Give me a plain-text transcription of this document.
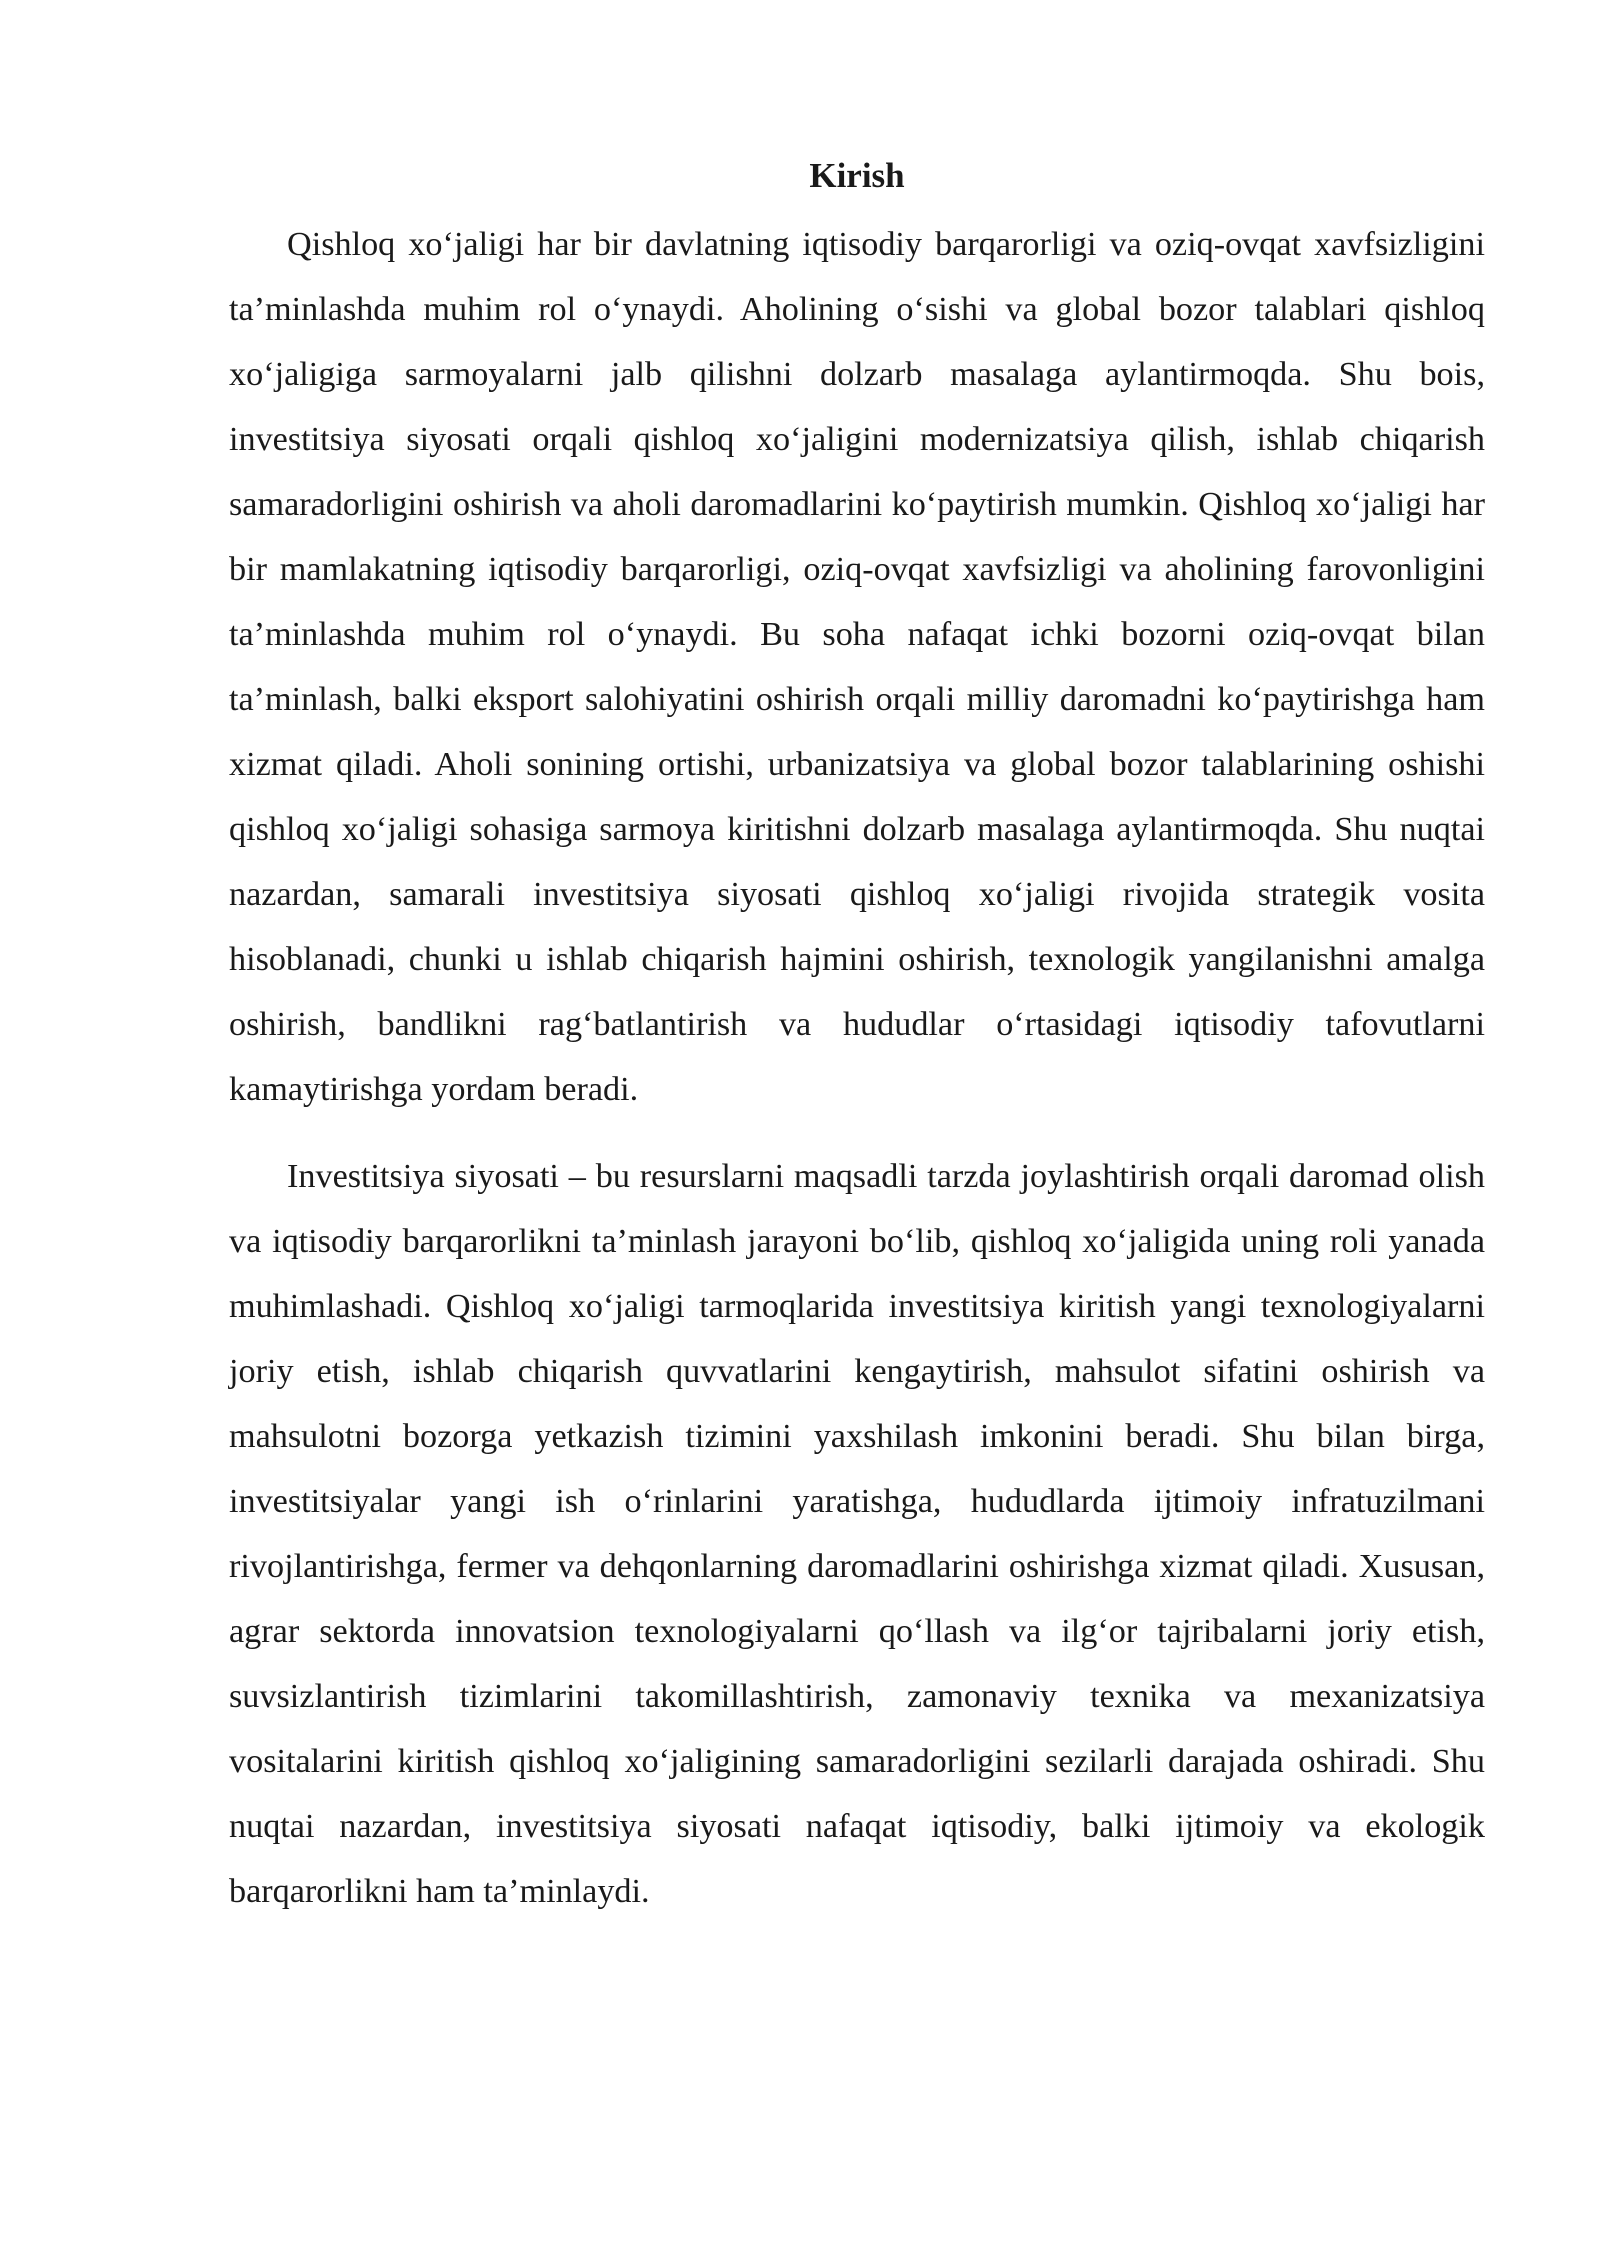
Kirish

Qishloq xo‘jaligi har bir davlatning iqtisodiy barqarorligi va oziq-ovqat xavfsizligini ta’minlashda muhim rol o‘ynaydi. Aholining o‘sishi va global bozor talablari qishloq xo‘jaligiga sarmoyalarni jalb qilishni dolzarb masalaga aylantirmoqda. Shu bois, investitsiya siyosati orqali qishloq xo‘jaligini modernizatsiya qilish, ishlab chiqarish samaradorligini oshirish va aholi daromadlarini ko‘paytirish mumkin. Qishloq xo‘jaligi har bir mamlakatning iqtisodiy barqarorligi, oziq-ovqat xavfsizligi va aholining farovonligini ta’minlashda muhim rol o‘ynaydi. Bu soha nafaqat ichki bozorni oziq-ovqat bilan ta’minlash, balki eksport salohiyatini oshirish orqali milliy daromadni ko‘paytirishga ham xizmat qiladi. Aholi sonining ortishi, urbanizatsiya va global bozor talablarining oshishi qishloq xo‘jaligi sohasiga sarmoya kiritishni dolzarb masalaga aylantirmoqda. Shu nuqtai nazardan, samarali investitsiya siyosati qishloq xo‘jaligi rivojida strategik vosita hisoblanadi, chunki u ishlab chiqarish hajmini oshirish, texnologik yangilanishni amalga oshirish, bandlikni rag‘batlantirish va hududlar o‘rtasidagi iqtisodiy tafovutlarni kamaytirishga yordam beradi.

Investitsiya siyosati – bu resurslarni maqsadli tarzda joylashtirish orqali daromad olish va iqtisodiy barqarorlikni ta’minlash jarayoni bo‘lib, qishloq xo‘jaligida uning roli yanada muhimlashadi. Qishloq xo‘jaligi tarmoqlarida investitsiya kiritish yangi texnologiyalarni joriy etish, ishlab chiqarish quvvatlarini kengaytirish, mahsulot sifatini oshirish va mahsulotni bozorga yetkazish tizimini yaxshilash imkonini beradi. Shu bilan birga, investitsiyalar yangi ish o‘rinlarini yaratishga, hududlarda ijtimoiy infratuzilmani rivojlantirishga, fermer va dehqonlarning daromadlarini oshirishga xizmat qiladi. Xususan, agrar sektorda innovatsion texnologiyalarni qo‘llash va ilg‘or tajribalarni joriy etish, suvsizlantirish tizimlarini takomillashtirish, zamonaviy texnika va mexanizatsiya vositalarini kiritish qishloq xo‘jaligining samaradorligini sezilarli darajada oshiradi. Shu nuqtai nazardan, investitsiya siyosati nafaqat iqtisodiy, balki ijtimoiy va ekologik barqarorlikni ham ta’minlaydi.
